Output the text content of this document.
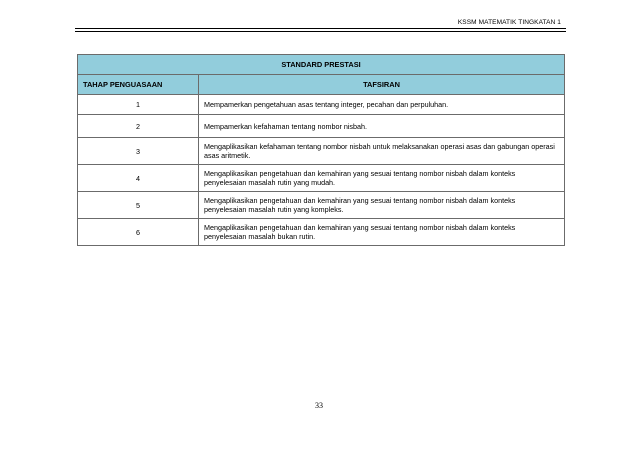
KSSM MATEMATIK TINGKATAN 1
STANDARD PRESTASI	
TAHAP PENGUASAAN	TAFSIRAN
1	Mempamerkan pengetahuan asas tentang integer, pecahan dan perpuluhan.
2	Mempamerkan kefahaman tentang nombor nisbah.
3	Mengaplikasikan kefahaman tentang nombor nisbah untuk melaksanakan operasi asas dan gabungan operasi asas aritmetik.
4	Mengaplikasikan pengetahuan dan kemahiran yang sesuai tentang nombor nisbah dalam konteks penyelesaian masalah rutin yang mudah.
5	Mengaplikasikan pengetahuan dan kemahiran yang sesuai tentang nombor nisbah dalam konteks penyelesaian masalah rutin yang kompleks.
6	Mengaplikasikan pengetahuan dan kemahiran yang sesuai tentang nombor nisbah dalam konteks penyelesaian masalah bukan rutin.
33
